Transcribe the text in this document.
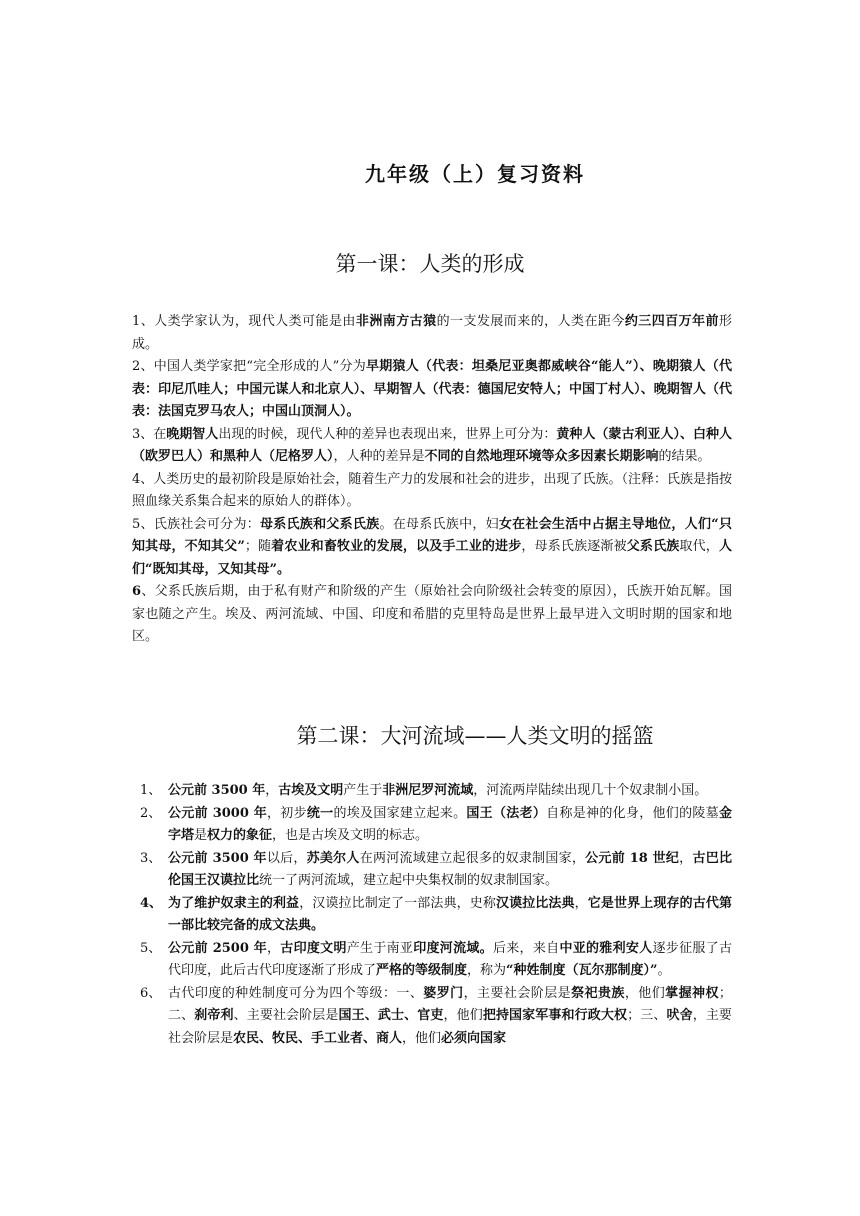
九年级（上）复习资料
第一课：人类的形成

1、人类学家认为，现代人类可能是由非洲南方古猿的一支发展而来的，人类在距今约三四百万年前形成。

2、中国人类学家把“完全形成的人”分为早期猿人（代表：坦桑尼亚奥都威峡谷“能人”）、晚期猿人（代表：印尼爪哇人；中国元谋人和北京人）、早期智人（代表：德国尼安特人；中国丁村人）、晚期智人（代表：法国克罗马农人；中国山顶洞人）。

3、在晚期智人出现的时候，现代人种的差异也表现出来，世界上可分为：黄种人（蒙古利亚人）、白种人（欧罗巴人）和黑种人（尼格罗人），人种的差异是不同的自然地理环境等众多因素长期影响的结果。

4、人类历史的最初阶段是原始社会，随着生产力的发展和社会的进步，出现了氏族。（注释：氏族是指按照血缘关系集合起来的原始人的群体）。

5、氏族社会可分为：母系氏族和父系氏族。在母系氏族中，妇女在社会生活中占据主导地位，人们“只知其母，不知其父”；随着农业和畜牧业的发展，以及手工业的进步，母系氏族逐渐被父系氏族取代，人们“既知其母，又知其母”。

6、父系氏族后期，由于私有财产和阶级的产生（原始社会向阶级社会转变的原因），氏族开始瓦解。国家也随之产生。埃及、两河流域、中国、印度和希腊的克里特岛是世界上最早进入文明时期的国家和地区。

第二课：大河流域——人类文明的摇篮

1、 公元前 3500 年，古埃及文明产生于非洲尼罗河流域，河流两岸陆续出现几十个奴隶制小国。

2、 公元前 3000 年，初步统一的埃及国家建立起来。国王（法老）自称是神的化身，他们的陵墓金字塔是权力的象征，也是古埃及文明的标志。

3、 公元前 3500 年以后，苏美尔人在两河流域建立起很多的奴隶制国家，公元前 18 世纪，古巴比伦国王汉谟拉比统一了两河流域，建立起中央集权制的奴隶制国家。

4、 为了维护奴隶主的利益，汉谟拉比制定了一部法典，史称汉谟拉比法典，它是世界上现存的古代第一部比较完备的成文法典。

5、 公元前 2500 年，古印度文明产生于南亚印度河流域。后来，来自中亚的雅利安人逐步征服了古代印度，此后古代印度逐渐了形成了严格的等级制度，称为“种姓制度（瓦尔那制度）”。

6、 古代印度的种姓制度可分为四个等级：一、婆罗门，主要社会阶层是祭祀贵族，他们掌握神权；二、刹帝利、主要社会阶层是国王、武士、官吏，他们把持国家军事和行政大权；三、吠舍，主要社会阶层是农民、牧民、手工业者、商人，他们必须向国家
